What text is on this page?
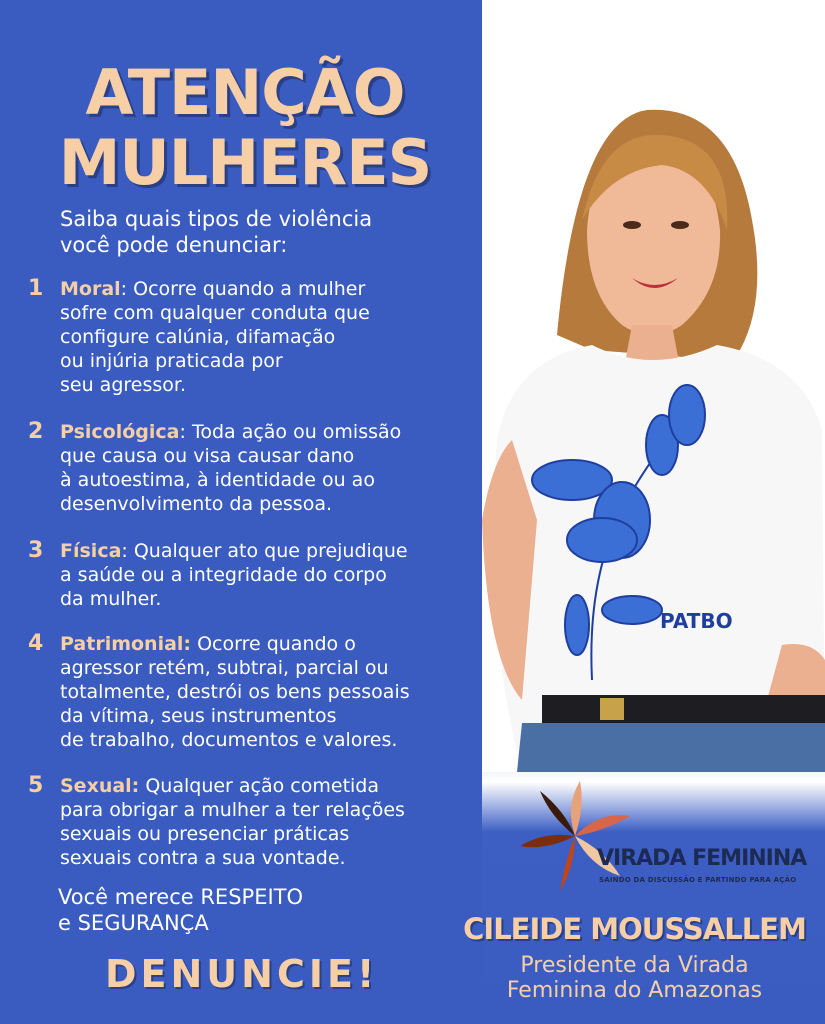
ATENÇÃO
MULHERES
Saiba quais tipos de violência
você pode denunciar:
1 Moral: Ocorre quando a mulher
sofre com qualquer conduta que
configure calúnia, difamação
ou injúria praticada por
seu agressor.
2 Psicológica: Toda ação ou omissão
que causa ou visa causar dano
à autoestima, à identidade ou ao
desenvolvimento da pessoa.
3 Física: Qualquer ato que prejudique
a saúde ou a integridade do corpo
da mulher.
4 Patrimonial: Ocorre quando o
agressor retém, subtrai, parcial ou
totalmente, destrói os bens pessoais
da vítima, seus instrumentos
de trabalho, documentos e valores.
5 Sexual: Qualquer ação cometida
para obrigar a mulher a ter relações
sexuais ou presenciar práticas
sexuais contra a sua vontade.
Você merece RESPEITO
e SEGURANÇA
DENUNCIE!
PATBO
VIRADA FEMININA
SAINDO DA DISCUSSÃO E PARTINDO PARA AÇÃO
CILEIDE MOUSSALLEM
Presidente da Virada
Feminina do Amazonas
